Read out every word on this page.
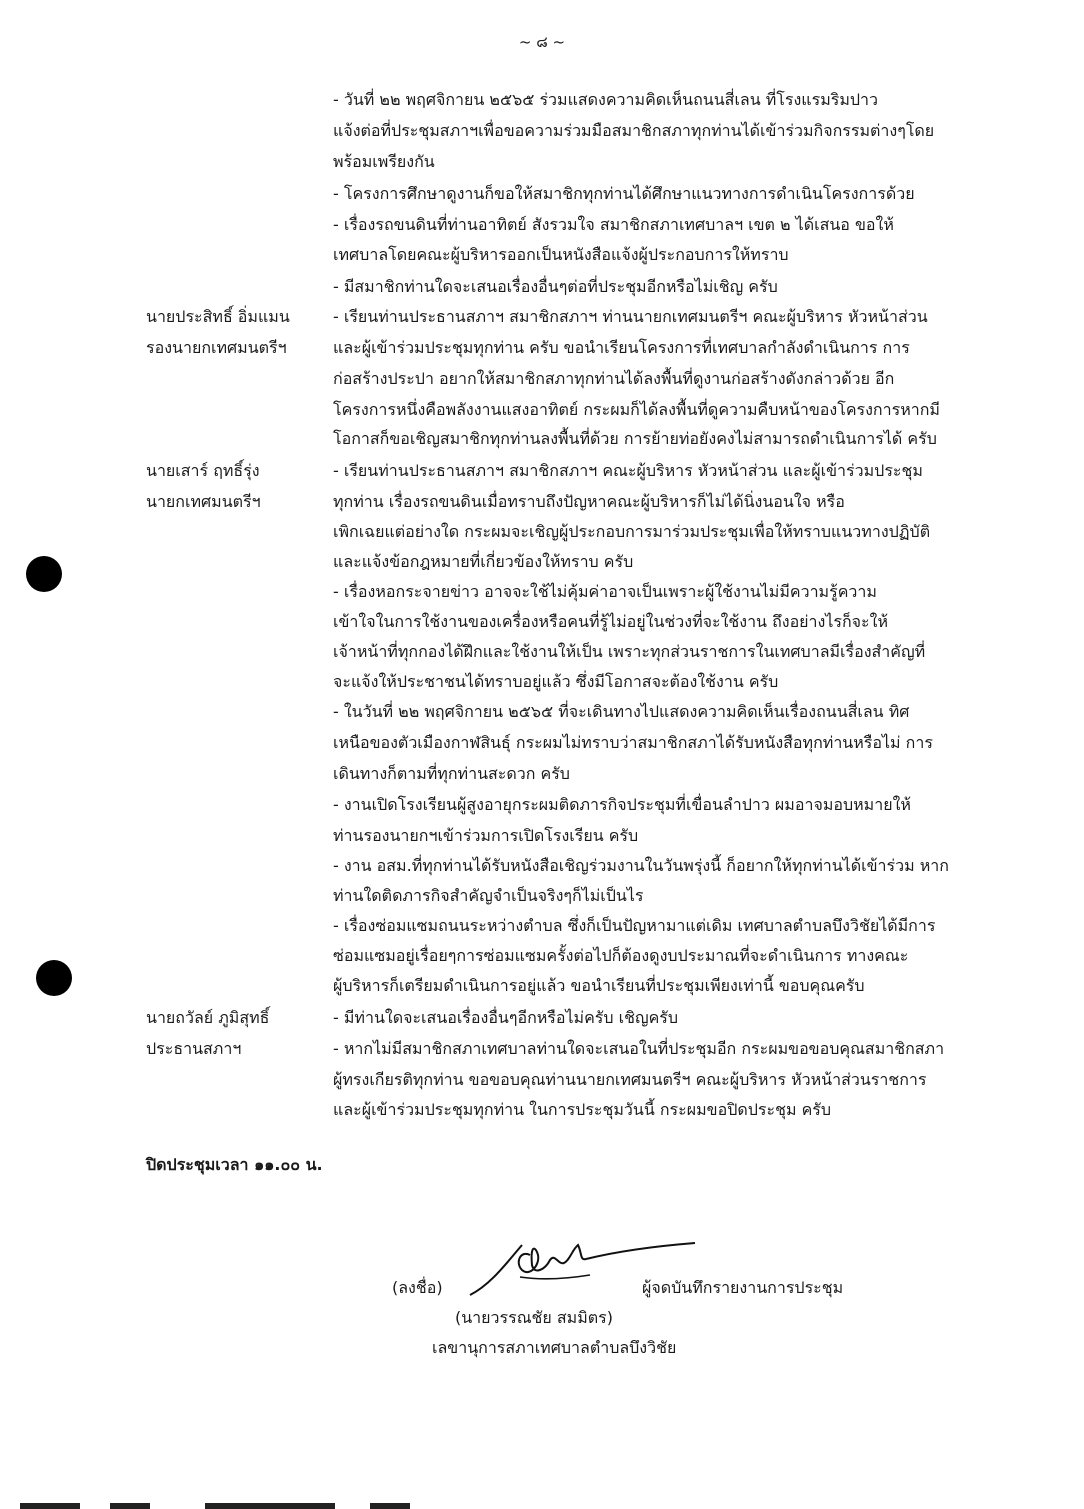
~ ๘ ~
- วันที่ ๒๒ พฤศจิกายน ๒๕๖๕ ร่วมแสดงความคิดเห็นถนนสี่เลน ที่โรงแรมริมปาว
แจ้งต่อที่ประชุมสภาฯเพื่อขอความร่วมมือสมาชิกสภาทุกท่านได้เข้าร่วมกิจกรรมต่างๆโดย
พร้อมเพรียงกัน
- โครงการศึกษาดูงานก็ขอให้สมาชิกทุกท่านได้ศึกษาแนวทางการดำเนินโครงการด้วย
- เรื่องรถขนดินที่ท่านอาทิตย์ สังรวมใจ สมาชิกสภาเทศบาลฯ เขต ๒ ได้เสนอ ขอให้
เทศบาลโดยคณะผู้บริหารออกเป็นหนังสือแจ้งผู้ประกอบการให้ทราบ
- มีสมาชิกท่านใดจะเสนอเรื่องอื่นๆต่อที่ประชุมอีกหรือไม่เชิญ ครับ
นายประสิทธิ์ อิ่มแมน
รองนายกเทศมนตรีฯ
- เรียนท่านประธานสภาฯ สมาชิกสภาฯ ท่านนายกเทศมนตรีฯ คณะผู้บริหาร หัวหน้าส่วน
และผู้เข้าร่วมประชุมทุกท่าน ครับ ขอนำเรียนโครงการที่เทศบาลกำลังดำเนินการ การ
ก่อสร้างประปา อยากให้สมาชิกสภาทุกท่านได้ลงพื้นที่ดูงานก่อสร้างดังกล่าวด้วย อีก
โครงการหนึ่งคือพลังงานแสงอาทิตย์ กระผมก็ได้ลงพื้นที่ดูความคืบหน้าของโครงการหากมี
โอกาสก็ขอเชิญสมาชิกทุกท่านลงพื้นที่ด้วย การย้ายท่อยังคงไม่สามารถดำเนินการได้ ครับ
นายเสาร์ ฤทธิ์รุ่ง
นายกเทศมนตรีฯ
- เรียนท่านประธานสภาฯ สมาชิกสภาฯ คณะผู้บริหาร หัวหน้าส่วน และผู้เข้าร่วมประชุม
ทุกท่าน เรื่องรถขนดินเมื่อทราบถึงปัญหาคณะผู้บริหารก็ไม่ได้นิ่งนอนใจ หรือ
เพิกเฉยแต่อย่างใด กระผมจะเชิญผู้ประกอบการมาร่วมประชุมเพื่อให้ทราบแนวทางปฏิบัติ
และแจ้งข้อกฎหมายที่เกี่ยวข้องให้ทราบ ครับ
- เรื่องหอกระจายข่าว อาจจะใช้ไม่คุ้มค่าอาจเป็นเพราะผู้ใช้งานไม่มีความรู้ความ
เข้าใจในการใช้งานของเครื่องหรือคนที่รู้ไม่อยู่ในช่วงที่จะใช้งาน ถึงอย่างไรก็จะให้
เจ้าหน้าที่ทุกกองได้ฝึกและใช้งานให้เป็น เพราะทุกส่วนราชการในเทศบาลมีเรื่องสำคัญที่
จะแจ้งให้ประชาชนได้ทราบอยู่แล้ว ซึ่งมีโอกาสจะต้องใช้งาน ครับ
- ในวันที่ ๒๒ พฤศจิกายน ๒๕๖๕ ที่จะเดินทางไปแสดงความคิดเห็นเรื่องถนนสี่เลน ทิศ
เหนือของตัวเมืองกาฬสินธุ์ กระผมไม่ทราบว่าสมาชิกสภาได้รับหนังสือทุกท่านหรือไม่ การ
เดินทางก็ตามที่ทุกท่านสะดวก ครับ
- งานเปิดโรงเรียนผู้สูงอายุกระผมติดภารกิจประชุมที่เขื่อนลำปาว ผมอาจมอบหมายให้
ท่านรองนายกฯเข้าร่วมการเปิดโรงเรียน ครับ
- งาน อสม.ที่ทุกท่านได้รับหนังสือเชิญร่วมงานในวันพรุ่งนี้ ก็อยากให้ทุกท่านได้เข้าร่วม หาก
ท่านใดติดภารกิจสำคัญจำเป็นจริงๆก็ไม่เป็นไร
- เรื่องซ่อมแซมถนนระหว่างตำบล ซึ่งก็เป็นปัญหามาแต่เดิม เทศบาลตำบลบึงวิชัยได้มีการ
ซ่อมแซมอยู่เรื่อยๆการซ่อมแซมครั้งต่อไปก็ต้องดูงบประมาณที่จะดำเนินการ ทางคณะ
ผู้บริหารก็เตรียมดำเนินการอยู่แล้ว ขอนำเรียนที่ประชุมเพียงเท่านี้ ขอบคุณครับ
นายถวัลย์ ภูมิสุทธิ์
ประธานสภาฯ
- มีท่านใดจะเสนอเรื่องอื่นๆอีกหรือไม่ครับ เชิญครับ
- หากไม่มีสมาชิกสภาเทศบาลท่านใดจะเสนอในที่ประชุมอีก กระผมขอขอบคุณสมาชิกสภา
ผู้ทรงเกียรติทุกท่าน ขอขอบคุณท่านนายกเทศมนตรีฯ คณะผู้บริหาร หัวหน้าส่วนราชการ
และผู้เข้าร่วมประชุมทุกท่าน ในการประชุมวันนี้ กระผมขอปิดประชุม ครับ
ปิดประชุมเวลา ๑๑.๐๐ น.
(ลงชื่อ)	ผู้จดบันทึกรายงานการประชุม
(นายวรรณชัย สมมิตร)
เลขานุการสภาเทศบาลตำบลบึงวิชัย
